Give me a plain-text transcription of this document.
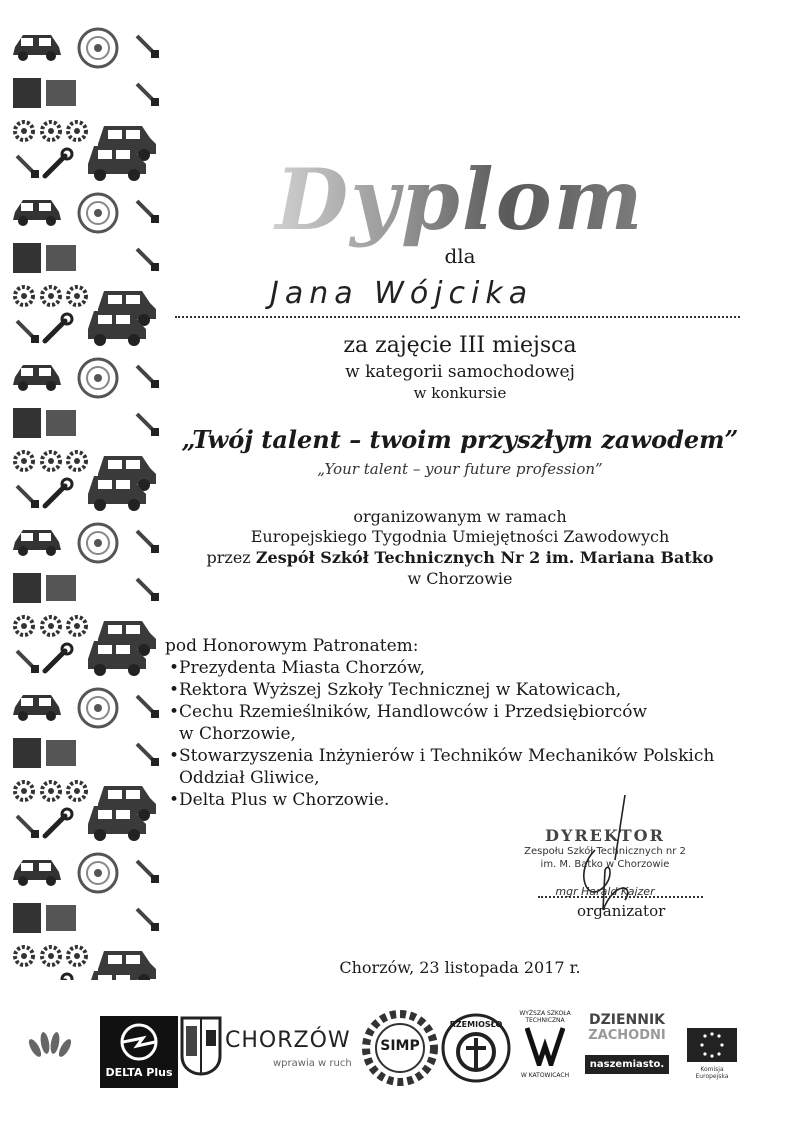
Dyplom
dla
Jana Wójcika
za zajęcie III miejsca
w kategorii samochodowej
w konkursie
„Twój talent – twoim przyszłym zawodem”
„Your talent – your future profession”
organizowanym w ramach
Europejskiego Tygodnia Umiejętności Zawodowych
przez Zespół Szkół Technicznych Nr 2 im. Mariana Batko
w Chorzowie
pod Honorowym Patronatem:
• Prezydenta Miasta Chorzów,
• Rektora Wyższej Szkoły Technicznej w Katowicach,
• Cechu Rzemieślników, Handlowców i Przedsiębiorców
w Chorzowie,
• Stowarzyszenia Inżynierów i Techników Mechaników Polskich
Oddział Gliwice,
• Delta Plus w Chorzowie.
DYREKTOR
Zespołu Szkół Technicznych nr 2
im. M. Batko w Chorzowie
mgr Harald Kajzer
organizator
Chorzów, 23 listopada 2017 r.
DELTA Plus
CHORZÓW
wprawia w ruch
SIMP
RZEMIOSŁO
WYŻSZA SZKOŁA TECHNICZNA
W KATOWICACH
DZIENNIK
ZACHODNI
naszemiasto.	Komisja Europejska
